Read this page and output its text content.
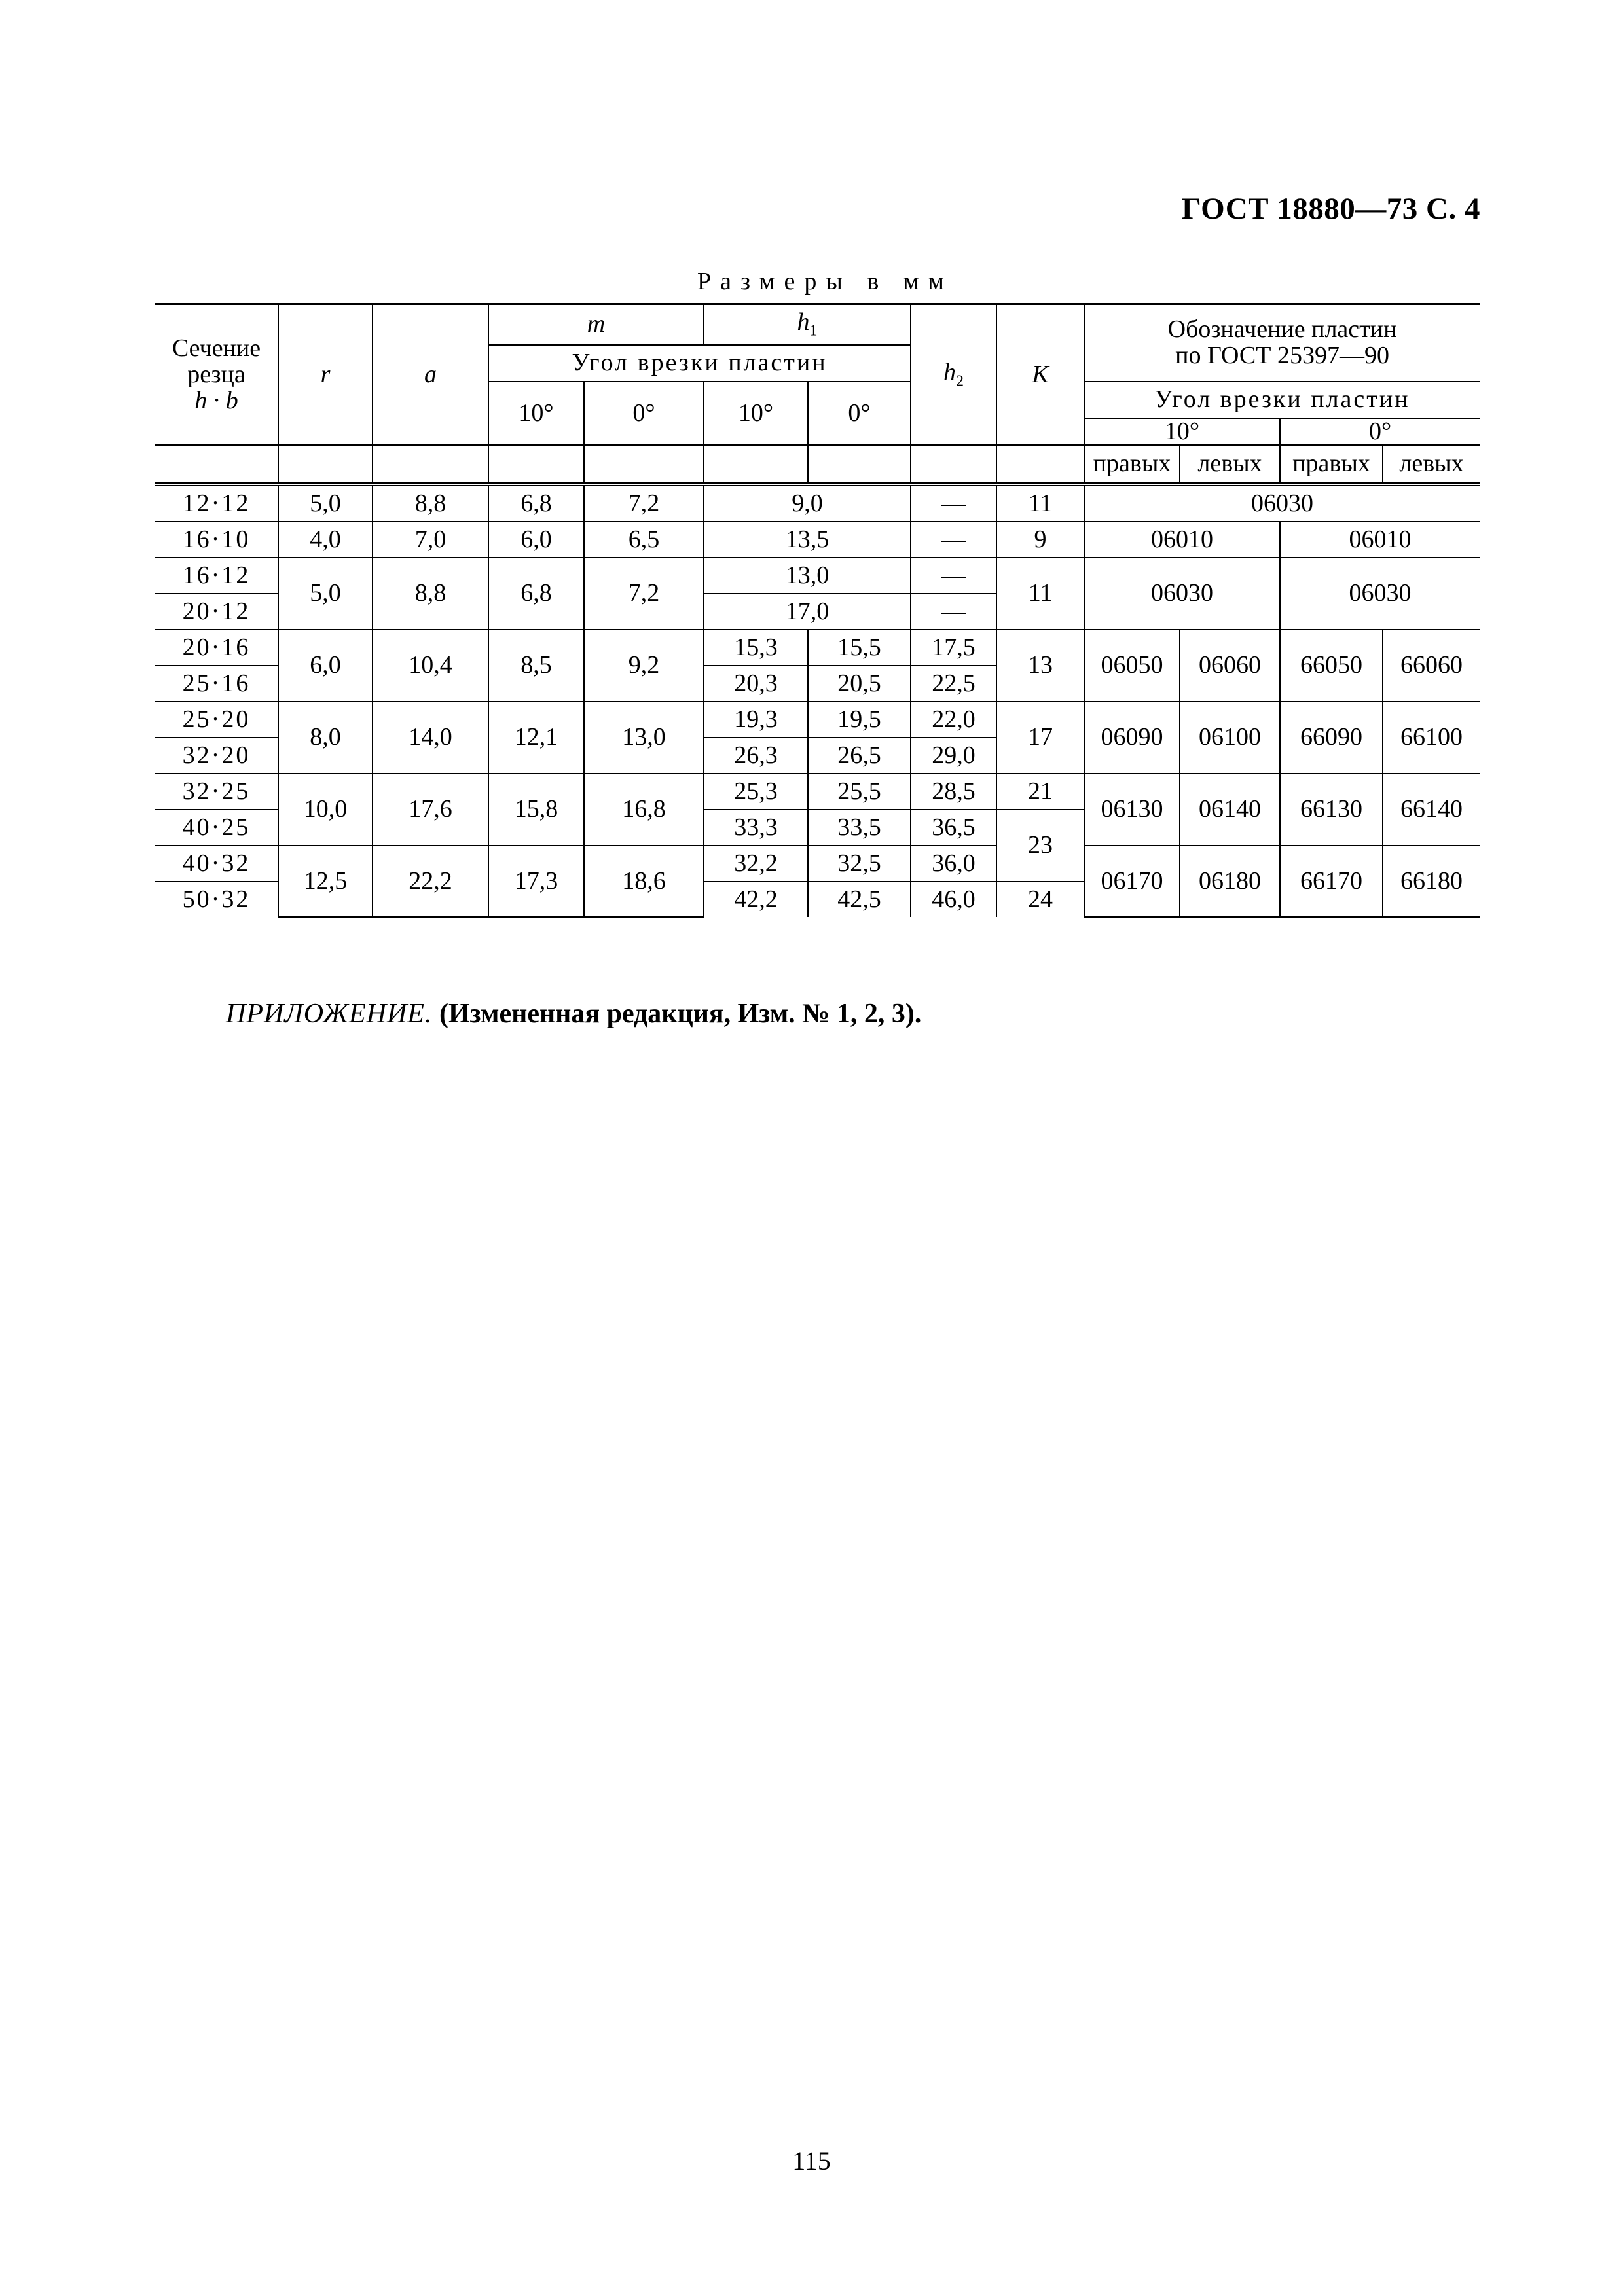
ГОСТ 18880—73 С. 4
Размеры в мм
Сечение
резца
h · b	r	a	m		$h_1$		$h_2$	K	Обозначение пластин
по ГОСТ 25397—90			
			Угол врезки пластин									
			10°	0°	10°	0°			Угол врезки пластин			
									10°		0°	
									правых	левых	правых	левых
12·12	5,0	8,8	6,8	7,2	9,0		—	11	06030			
16·10	4,0	7,0	6,0	6,5	13,5		—	9	06010		06010	
16·12	5,0	8,8	6,8	7,2	13,0		—	11	06030		06030	
20·12					17,0		—					
20·16	6,0	10,4	8,5	9,2	15,3	15,5	17,5	13	06050	06060	66050	66060
25·16					20,3	20,5	22,5					
25·20	8,0	14,0	12,1	13,0	19,3	19,5	22,0	17	06090	06100	66090	66100
32·20					26,3	26,5	29,0					
32·25	10,0	17,6	15,8	16,8	25,3	25,5	28,5	21	06130	06140	66130	66140
40·25					33,3	33,5	36,5	23				
40·32	12,5	22,2	17,3	18,6	32,2	32,5	36,0		06170	06180	66170	66180
50·32					42,2	42,5	46,0	24				
ПРИЛОЖЕНИЕ. (Измененная редакция, Изм. № 1, 2, 3).
115
